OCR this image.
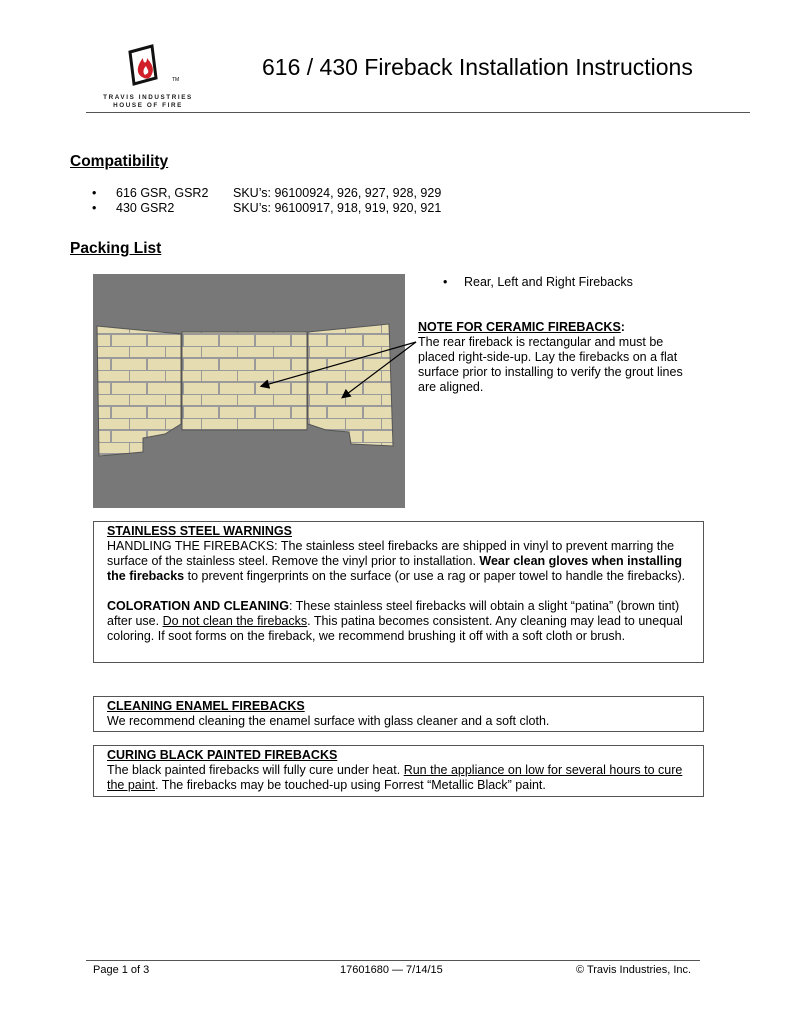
TM
TRAVIS INDUSTRIES
HOUSE OF FIRE
616 / 430 Fireback Installation Instructions
Compatibility
• 616 GSR, GSR2 SKU’s: 96100924, 926, 927, 928, 929
• 430 GSR2	SKU’s: 96100917, 918, 919, 920, 921
Packing List
• Rear, Left and Right Firebacks
NOTE FOR CERAMIC FIREBACKS:
The rear fireback is rectangular and must be
placed right-side-up. Lay the firebacks on a flat
surface prior to installing to verify the grout lines
are aligned.
STAINLESS STEEL WARNINGS

HANDLING THE FIREBACKS: The stainless steel firebacks are shipped in vinyl to prevent marring the surface of the stainless steel. Remove the vinyl prior to installation. Wear clean gloves when installing the firebacks to prevent fingerprints on the surface (or use a rag or paper towel to handle the firebacks).

COLORATION AND CLEANING: These stainless steel firebacks will obtain a slight “patina” (brown tint) after use. Do not clean the firebacks. This patina becomes consistent. Any cleaning may lead to unequal coloring. If soot forms on the fireback, we recommend brushing it off with a soft cloth or brush.

CLEANING ENAMEL FIREBACKS

We recommend cleaning the enamel surface with glass cleaner and a soft cloth.

CURING BLACK PAINTED FIREBACKS

The black painted firebacks will fully cure under heat. Run the appliance on low for several hours to cure the paint. The firebacks may be touched-up using Forrest “Metallic Black” paint.

Page 1 of 3	17601680 — 7/14/15	© Travis Industries, Inc.
